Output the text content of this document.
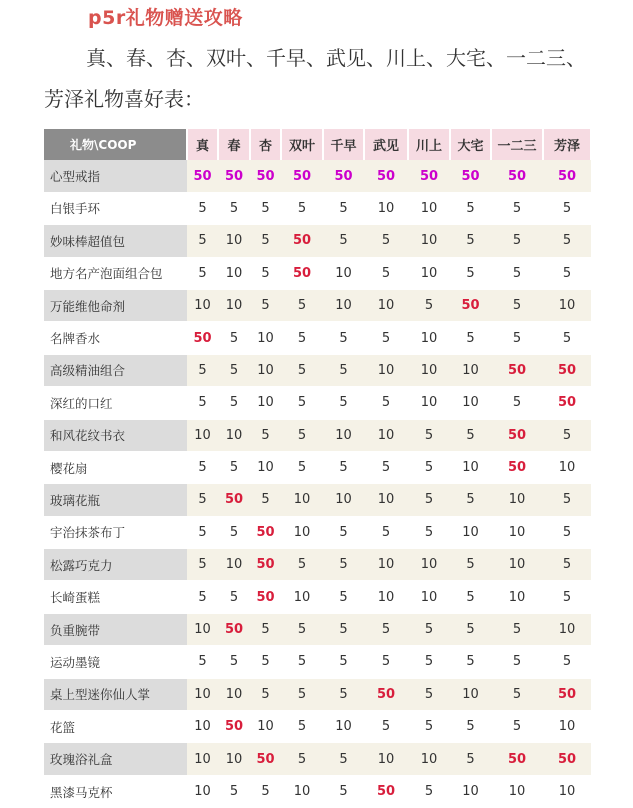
p5r礼物赠送攻略
真、春、杏、双叶、千早、武见、川上、大宅、一二三、芳泽礼物喜好表：
礼物\COOP	真	春	杏	双叶	千早	武见	川上	大宅	一二三	芳泽
心型戒指	50	50	50	50	50	50	50	50	50	50
白银手环	5	5	5	5	5	10	10	5	5	5
妙味棒超值包	5	10	5	50	5	5	10	5	5	5
地方名产泡面组合包	5	10	5	50	10	5	10	5	5	5
万能维他命剂	10	10	5	5	10	10	5	50	5	10
名牌香水	50	5	10	5	5	5	10	5	5	5
高级精油组合	5	5	10	5	5	10	10	10	50	50
深红的口红	5	5	10	5	5	5	10	10	5	50
和风花纹书衣	10	10	5	5	10	10	5	5	50	5
樱花扇	5	5	10	5	5	5	5	10	50	10
玻璃花瓶	5	50	5	10	10	10	5	5	10	5
宇治抹茶布丁	5	5	50	10	5	5	5	10	10	5
松露巧克力	5	10	50	5	5	10	10	5	10	5
长崎蛋糕	5	5	50	10	5	10	10	5	10	5
负重腕带	10	50	5	5	5	5	5	5	5	10
运动墨镜	5	5	5	5	5	5	5	5	5	5
桌上型迷你仙人掌	10	10	5	5	5	50	5	10	5	50
花篮	10	50	10	5	10	5	5	5	5	10
玫瑰浴礼盒	10	10	50	5	5	10	10	5	50	50
黑漆马克杯	10	5	5	10	5	50	5	10	10	10
